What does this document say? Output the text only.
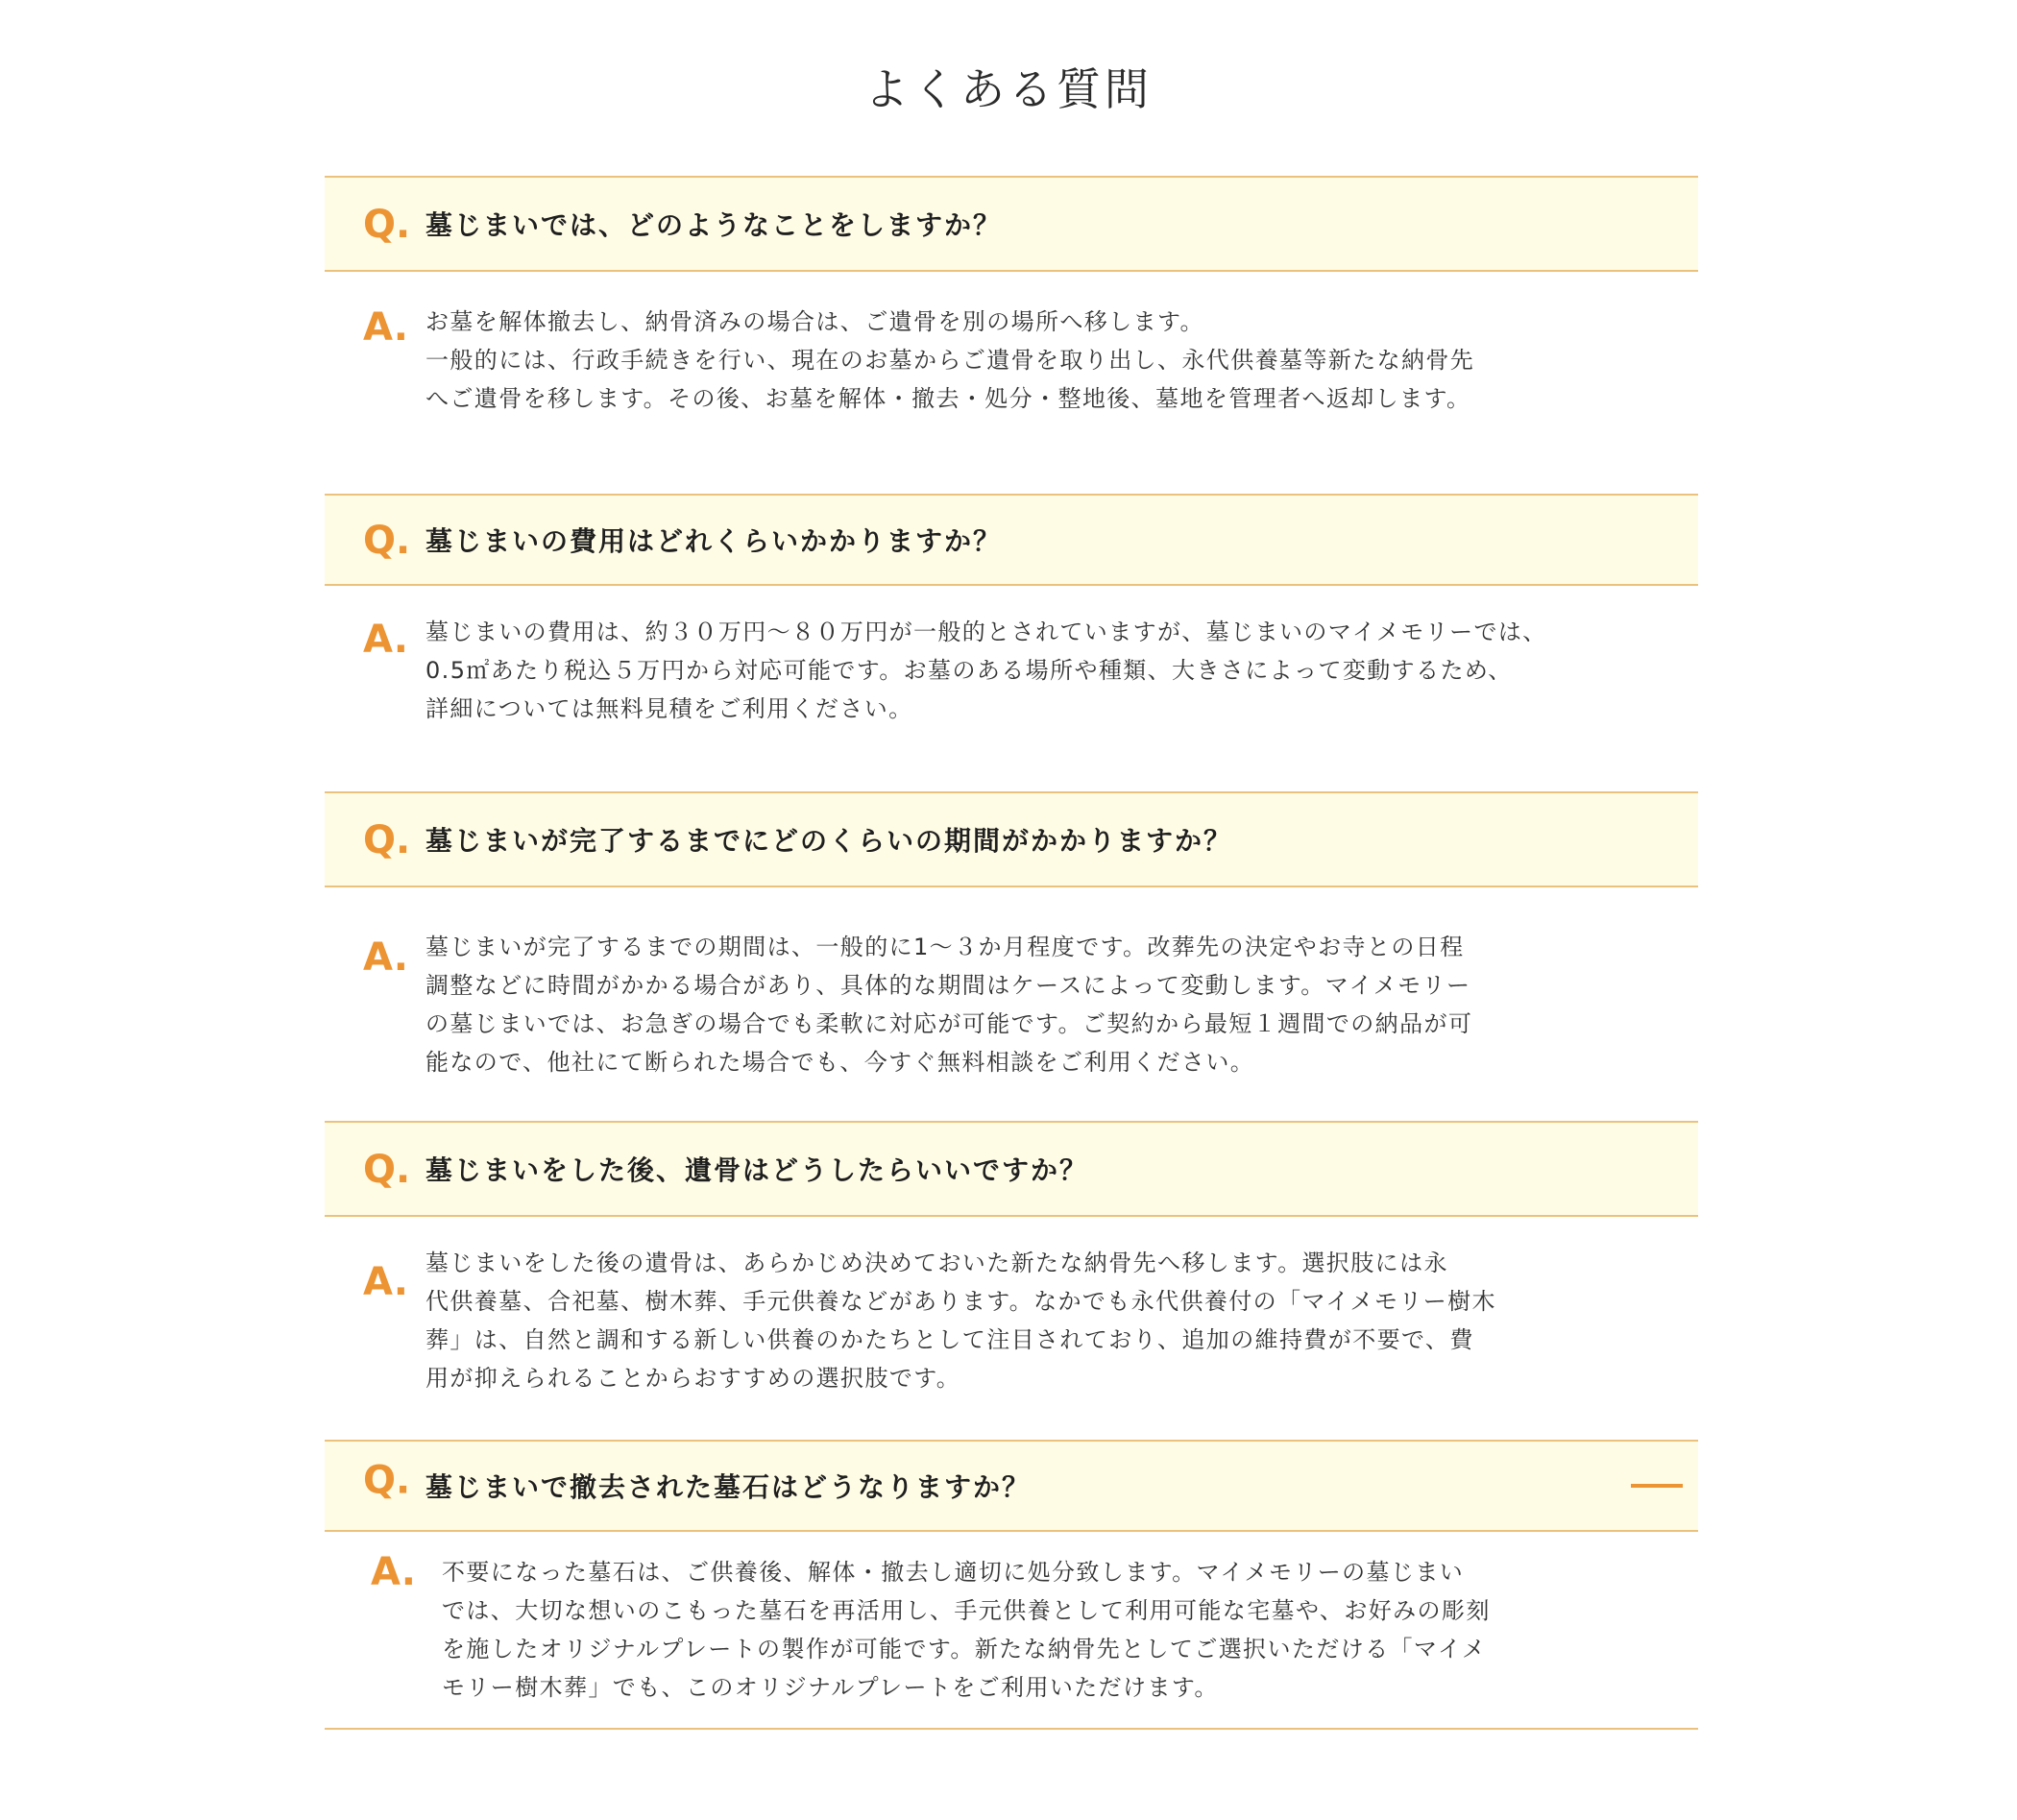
よくある質問
Q. 墓じまいでは、どのようなことをしますか？
A. お墓を解体撤去し、納骨済みの場合は、ご遺骨を別の場所へ移します。
一般的には、行政手続きを行い、現在のお墓からご遺骨を取り出し、永代供養墓等新たな納骨先
へご遺骨を移します。その後、お墓を解体・撤去・処分・整地後、墓地を管理者へ返却します。
Q. 墓じまいの費用はどれくらいかかりますか？
A. 墓じまいの費用は、約３０万円〜８０万円が一般的とされていますが、墓じまいのマイメモリーでは、
0.5㎡あたり税込５万円から対応可能です。お墓のある場所や種類、大きさによって変動するため、
詳細については無料見積をご利用ください。
Q. 墓じまいが完了するまでにどのくらいの期間がかかりますか？
A. 墓じまいが完了するまでの期間は、一般的に1〜３か月程度です。改葬先の決定やお寺との日程
調整などに時間がかかる場合があり、具体的な期間はケースによって変動します。マイメモリー
の墓じまいでは、お急ぎの場合でも柔軟に対応が可能です。ご契約から最短１週間での納品が可
能なので、他社にて断られた場合でも、今すぐ無料相談をご利用ください。
Q. 墓じまいをした後、遺骨はどうしたらいいですか？
A. 墓じまいをした後の遺骨は、あらかじめ決めておいた新たな納骨先へ移します。選択肢には永
代供養墓、合祀墓、樹木葬、手元供養などがあります。なかでも永代供養付の「マイメモリー樹木
葬」は、自然と調和する新しい供養のかたちとして注目されており、追加の維持費が不要で、費
用が抑えられることからおすすめの選択肢です。
Q. 墓じまいで撤去された墓石はどうなりますか？
A. 不要になった墓石は、ご供養後、解体・撤去し適切に処分致します。マイメモリーの墓じまい
では、大切な想いのこもった墓石を再活用し、手元供養として利用可能な宅墓や、お好みの彫刻
を施したオリジナルプレートの製作が可能です。新たな納骨先としてご選択いただける「マイメ
モリー樹木葬」でも、このオリジナルプレートをご利用いただけます。
